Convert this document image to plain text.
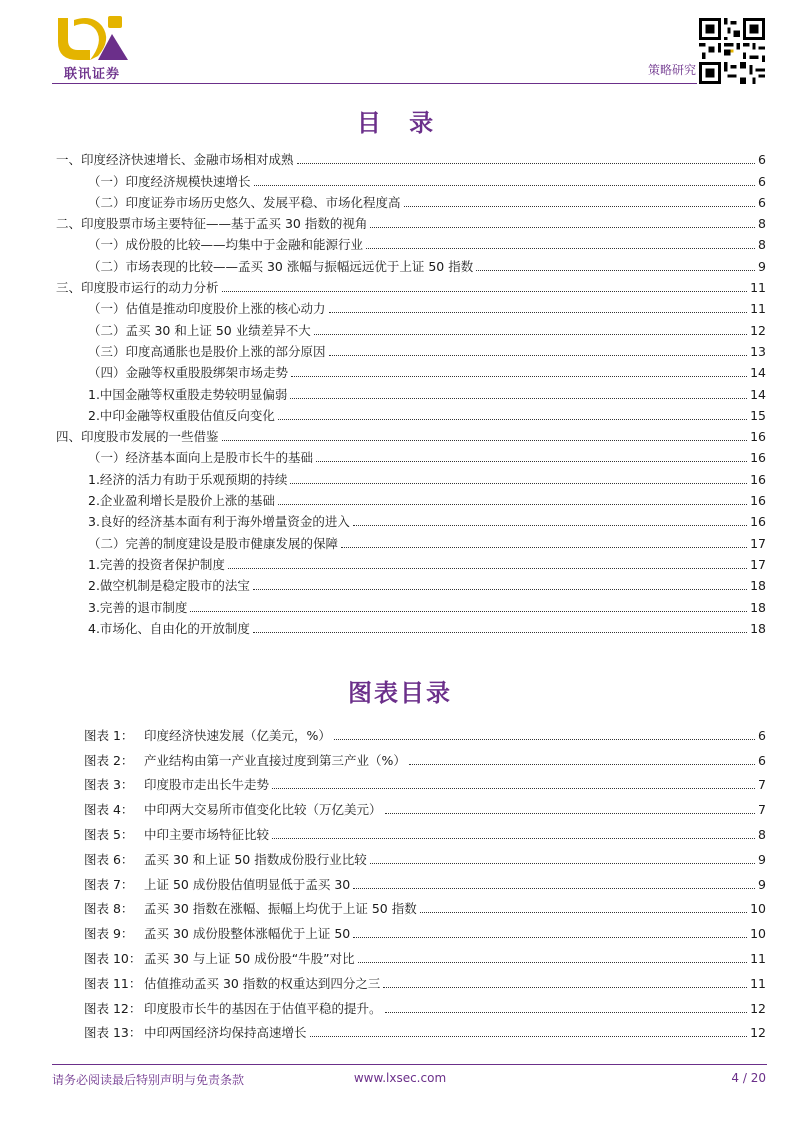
联讯证券	策略研究
目 录
一、印度经济快速增长、金融市场相对成熟	6
（一）印度经济规模快速增长	6
（二）印度证券市场历史悠久、发展平稳、市场化程度高	6
二、印度股票市场主要特征——基于孟买 30 指数的视角	8
（一）成份股的比较——均集中于金融和能源行业	8
（二）市场表现的比较——孟买 30 涨幅与振幅远远优于上证 50 指数	9
三、印度股市运行的动力分析	11
（一）估值是推动印度股价上涨的核心动力	11
（二）孟买 30 和上证 50 业绩差异不大	12
（三）印度高通胀也是股价上涨的部分原因	13
（四）金融等权重股股绑架市场走势	14
1.中国金融等权重股走势较明显偏弱	14
2.中印金融等权重股估值反向变化	15
四、印度股市发展的一些借鉴	16
（一）经济基本面向上是股市长牛的基础	16
1.经济的活力有助于乐观预期的持续	16
2.企业盈利增长是股价上涨的基础	16
3.良好的经济基本面有利于海外增量资金的进入	16
（二）完善的制度建设是股市健康发展的保障	17
1.完善的投资者保护制度	17
2.做空机制是稳定股市的法宝	18
3.完善的退市制度	18
4.市场化、自由化的开放制度	18
图表目录
图表 1： 印度经济快速发展（亿美元，%）	6
图表 2： 产业结构由第一产业直接过度到第三产业（%）	6
图表 3： 印度股市走出长牛走势	7
图表 4： 中印两大交易所市值变化比较（万亿美元）	7
图表 5： 中印主要市场特征比较	8
图表 6： 孟买 30 和上证 50 指数成份股行业比较	9
图表 7： 上证 50 成份股估值明显低于孟买 30	9
图表 8： 孟买 30 指数在涨幅、振幅上均优于上证 50 指数	10
图表 9： 孟买 30 成份股整体涨幅优于上证 50	10
图表 10： 孟买 30 与上证 50 成份股“牛股”对比	11
图表 11： 估值推动孟买 30 指数的权重达到四分之三	11
图表 12： 印度股市长牛的基因在于估值平稳的提升。	12
图表 13： 中印两国经济均保持高速增长	12
请务必阅读最后特别声明与免责条款	www.lxsec.com	4 / 20
